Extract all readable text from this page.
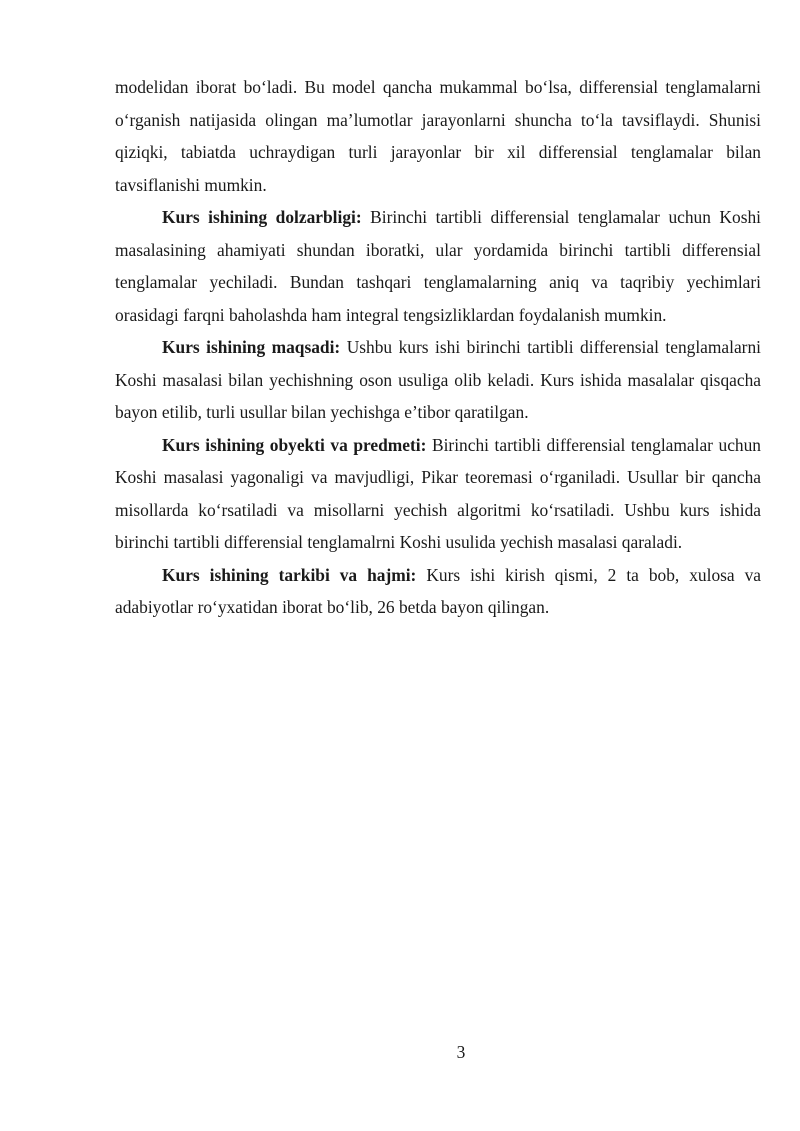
modelidan iborat bo‘ladi. Bu model qancha mukammal bo‘lsa, differensial tenglamalarni o‘rganish natijasida olingan ma’lumotlar jarayonlarni shuncha to‘la tavsiflaydi. Shunisi qiziqki, tabiatda uchraydigan turli jarayonlar bir xil differensial tenglamalar bilan tavsiflanishi mumkin.

Kurs ishining dolzarbligi: Birinchi tartibli differensial tenglamalar uchun Koshi masalasining ahamiyati shundan iboratki, ular yordamida birinchi tartibli differensial tenglamalar yechiladi. Bundan tashqari tenglamalarning aniq va taqribiy yechimlari orasidagi farqni baholashda ham integral tengsizliklardan foydalanish mumkin.

Kurs ishining maqsadi: Ushbu kurs ishi birinchi tartibli differensial tenglamalarni Koshi masalasi bilan yechishning oson usuliga olib keladi. Kurs ishida masalalar qisqacha bayon etilib, turli usullar bilan yechishga e’tibor qaratilgan.

Kurs ishining obyekti va predmeti: Birinchi tartibli differensial tenglamalar uchun Koshi masalasi yagonaligi va mavjudligi, Pikar teoremasi o‘rganiladi. Usullar bir qancha misollarda ko‘rsatiladi va misollarni yechish algoritmi ko‘rsatiladi. Ushbu kurs ishida birinchi tartibli differensial tenglamalrni Koshi usulida yechish masalasi qaraladi.

Kurs ishining tarkibi va hajmi: Kurs ishi kirish qismi, 2 ta bob, xulosa va adabiyotlar ro‘yxatidan iborat bo‘lib, 26 betda bayon qilingan.

3
